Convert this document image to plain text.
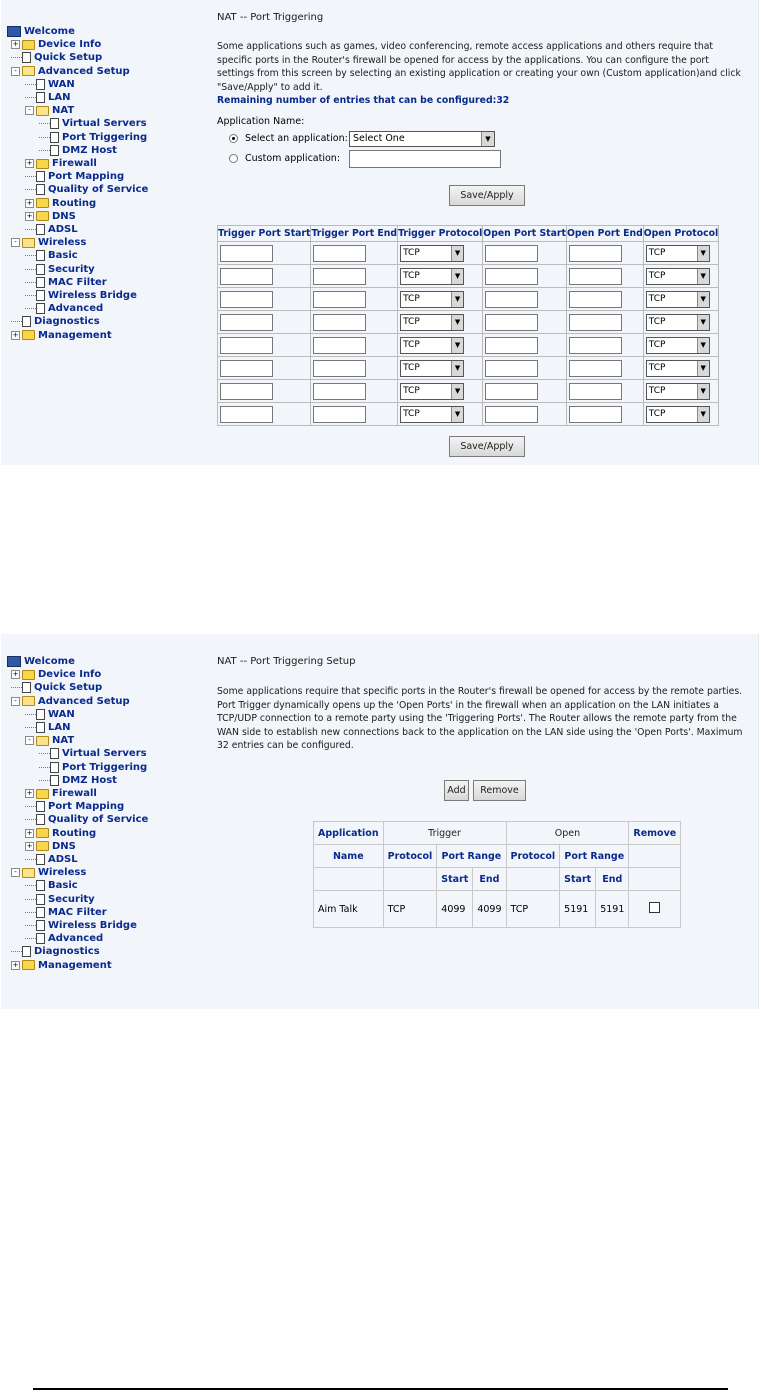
Welcome
+ Device Info
Quick Setup
-	Advanced Setup
WAN
LAN
-	NAT
Virtual Servers
Port Triggering
DMZ Host
+ Firewall
Port Mapping
Quality of Service
+ Routing
+ DNS
ADSL
-	Wireless
Basic
Security
MAC Filter
Wireless Bridge
Advanced
Diagnostics
+ Management
NAT -- Port Triggering
Some applications such as games, video conferencing, remote access applications and others require that specific ports in the Router's firewall be opened for access by the applications. You can configure the port settings from this screen by selecting an existing application or creating your own (Custom application)and click "Save/Apply" to add it.
Remaining number of entries that can be configured:32
Application Name:
Select an application: Select One	▼
Custom application:
Save/Apply
Trigger Port Start	Trigger Port End	Trigger Protocol	Open Port Start	Open Port End	Open Protocol

		TCP ▼			TCP ▼

		TCP ▼			TCP ▼

		TCP ▼			TCP ▼

		TCP ▼			TCP ▼

		TCP ▼			TCP ▼

		TCP ▼			TCP ▼

		TCP ▼			TCP ▼

		TCP ▼			TCP ▼
Save/Apply
Welcome
+ Device Info
Quick Setup
-	Advanced Setup
WAN
LAN
-	NAT
Virtual Servers
Port Triggering
DMZ Host
+ Firewall
Port Mapping
Quality of Service
+ Routing
+ DNS
ADSL
-	Wireless
Basic
Security
MAC Filter
Wireless Bridge
Advanced
Diagnostics
+ Management
NAT -- Port Triggering Setup
Some applications require that specific ports in the Router's firewall be opened for access by the remote parties. Port Trigger dynamically opens up the 'Open Ports' in the firewall when an application on the LAN initiates a TCP/UDP connection to a remote party using the 'Triggering Ports'. The Router allows the remote party from the WAN side to establish new connections back to the application on the LAN side using the 'Open Ports'. Maximum 32 entries can be configured.
Add	Remove
Application	Trigger			Open			Remove
Name	Protocol	Port Range		Protocol	Port Range		
		Start	End		Start	End	
Aim Talk	TCP	4099	4099	TCP	5191	5191	
